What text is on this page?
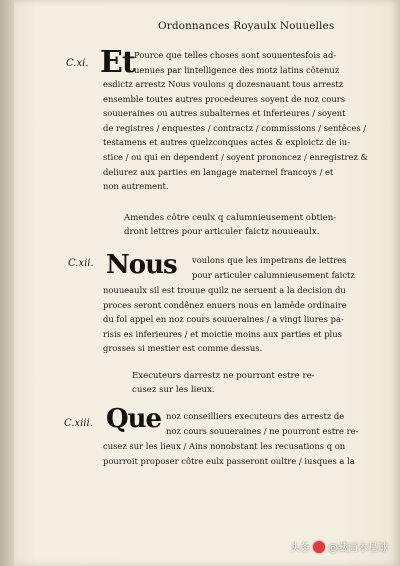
Ordonnances Royaulx Nouuelles
C.xi. Et Pource que telles choses sont souuentesfois ad-
uenues par lintelligence des motz latins côtenuz
esdictz arrestz Nous voulons q dozesnauant tous arrestz
ensemble toutes autres procedeures soyent de noz cours
souueraines ou autres subalternes et inferieures / soyent
de registres / enquestes / contractz / commissions / sentêces /
testamens et autres quelzconques actes & exploictz de iu-
stice / ou qui en dependent / soyent prononcez / enregistrez &
deliurez aux parties en langage maternel francoys / et
non autrement.
Amendes côtre ceulx q calumnieusement obtien-
dront lettres pour articuler faictz nouueaulx.
C.xii. Nous voulons que les impetrans de lettres
pour articuler calumnieusement faictz
nouueaulx sil est trouue quilz ne seruent a la decision du
proces seront condênez enuers nous en lamêde ordinaire
du fol appel en noz cours souueraines / a vingt liures pa-
risis es inferieures / et moictie moins aux parties et plus
grosses si mestier est comme dessus.
Executeurs darrestz ne pourront estre re-
cusez sur les lieux.
C.xiii. Que noz conseilliers executeurs des arrestz de
noz cours souueraines / ne pourront estre re-
cusez sur les lieux / Ains nonobstant les recusations q on
pourroit proposer côtre eulx passeront oultre / iusques a la
头条 @藏画本星球
